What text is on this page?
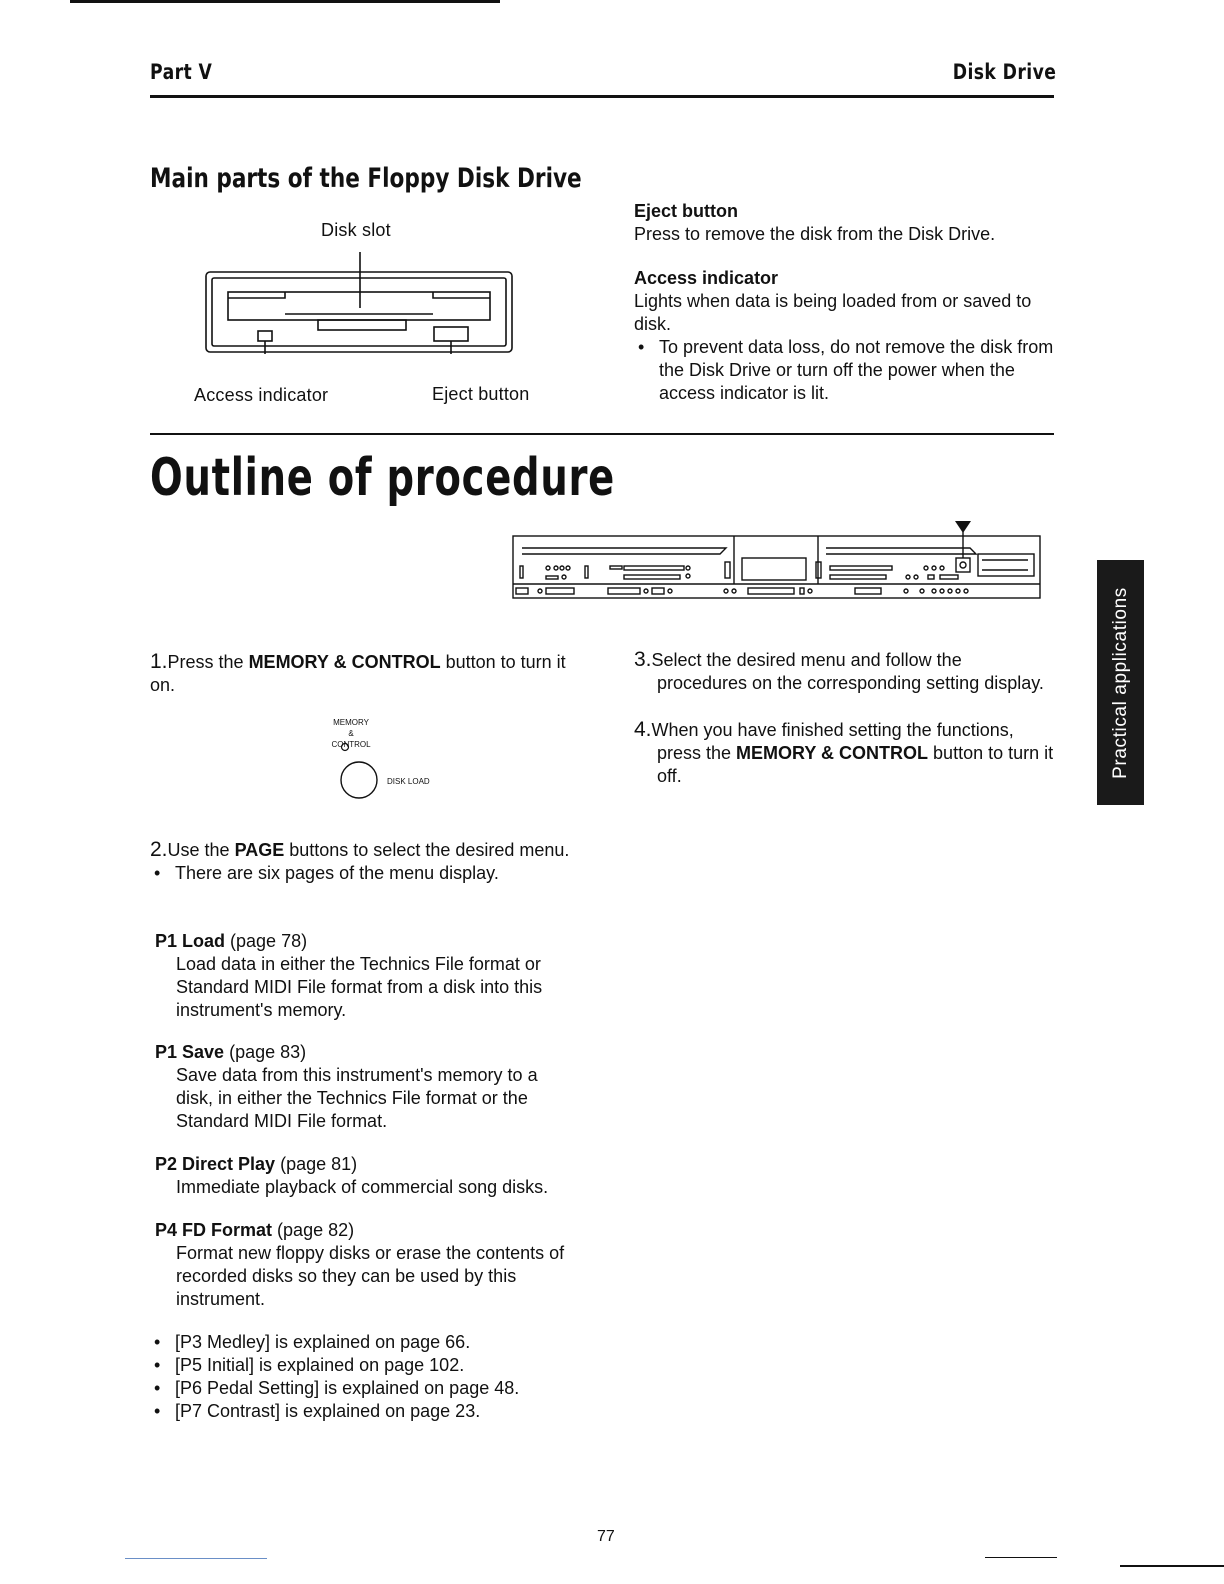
Part V	Disk Drive
Main parts of the Floppy Disk Drive
Disk slot
Access indicator	Eject button
Eject button
Press to remove the disk from the Disk Drive.
Access indicator
Lights when data is being loaded from or saved to disk.
• To prevent data loss, do not remove the disk from the Disk Drive or turn off the power when the access indicator is lit.
Outline of procedure
1.Press the MEMORY & CONTROL button to turn it on.
MEMORY &
CONTROL
DISK LOAD
2.Use the PAGE buttons to select the desired menu.
• There are six pages of the menu display.
P1 Load (page 78)
Load data in either the Technics File format or Standard MIDI File format from a disk into this instrument's memory.
P1 Save (page 83)
Save data from this instrument's memory to a disk, in either the Technics File format or the Standard MIDI File format.
P2 Direct Play (page 81)
Immediate playback of commercial song disks.
P4 FD Format (page 82)
Format new floppy disks or erase the contents of recorded disks so they can be used by this instrument.
• [P3 Medley] is explained on page 66.
• [P5 Initial] is explained on page 102.
• [P6 Pedal Setting] is explained on page 48.
• [P7 Contrast] is explained on page 23.
3.Select the desired menu and follow the procedures on the corresponding setting display.
4.When you have finished setting the functions, press the MEMORY & CONTROL button to turn it off.	Practical applications
77
